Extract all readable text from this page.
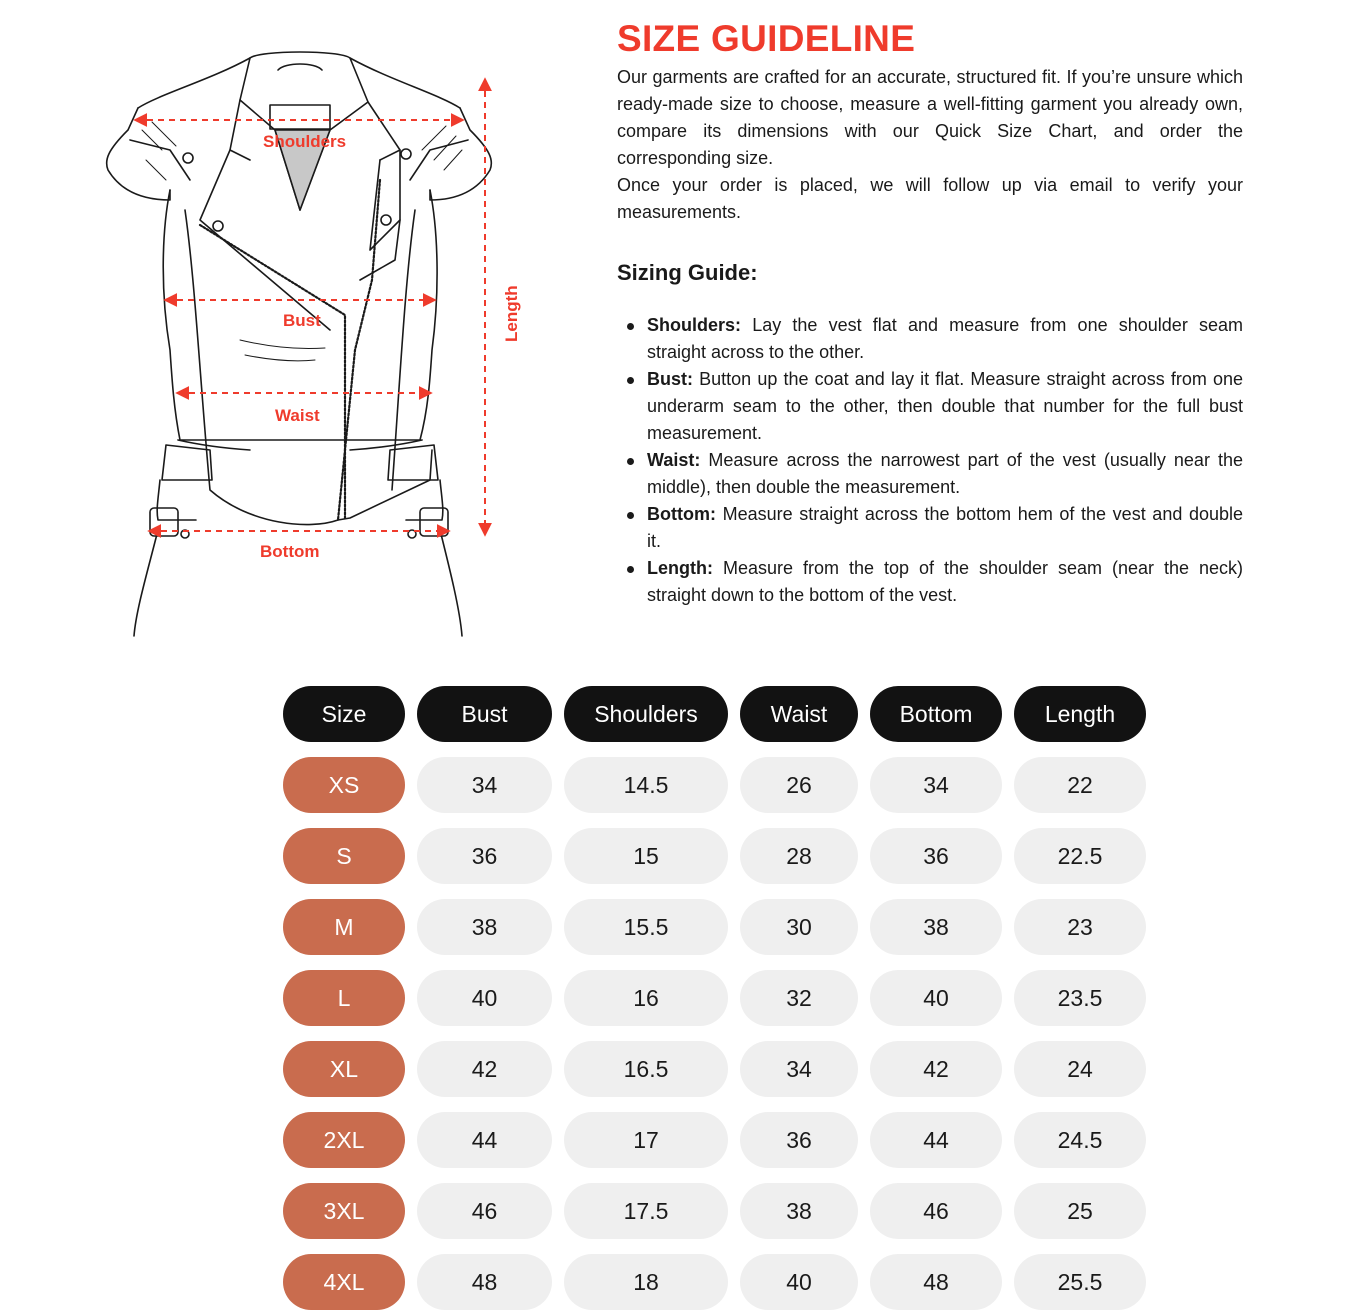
Shoulders
Bust
Waist
Bottom
Length
SIZE GUIDELINE

Our garments are crafted for an accurate, structured fit. If you’re unsure which ready-made size to choose, measure a well-fitting garment you already own, compare its dimensions with our Quick Size Chart, and order the corresponding size.

Once your order is placed, we will follow up via email to verify your measurements.

Sizing Guide:
Shoulders: Lay the vest flat and measure from one shoulder seam straight across to the other.
Bust: Button up the coat and lay it flat. Measure straight across from one underarm seam to the other, then double that number for the full bust measurement.
Waist: Measure across the narrowest part of the vest (usually near the middle), then double the measurement.
Bottom: Measure straight across the bottom hem of the vest and double it.
Length: Measure from the top of the shoulder seam (near the neck) straight down to the bottom of the vest.
Size	Bust	Shoulders	Waist	Bottom	Length
XS	34	14.5	26	34	22
S	36	15	28	36	22.5
M	38	15.5	30	38	23
L	40	16	32	40	23.5
XL	42	16.5	34	42	24
2XL	44	17	36	44	24.5
3XL	46	17.5	38	46	25
4XL	48	18	40	48	25.5
